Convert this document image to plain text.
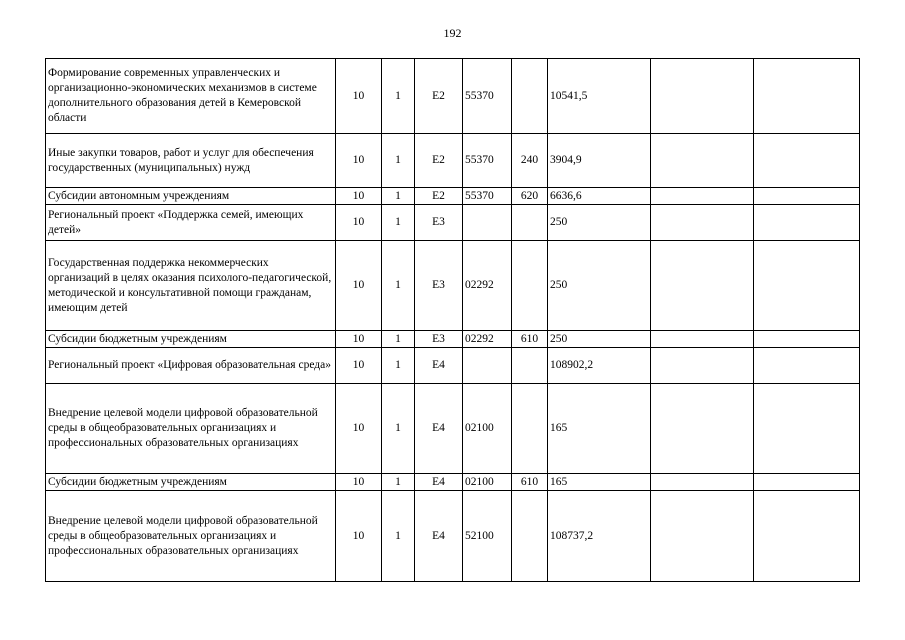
192
Формирование современных управленческих и организационно-экономических механизмов в системе дополнительного образования детей в Кемеровской области	10	1	E2	55370		10541,5		
Иные закупки товаров, работ и услуг для обеспечения государственных (муниципальных) нужд	10	1	E2	55370	240	3904,9		
Субсидии автономным учреждениям	10	1	E2	55370	620	6636,6		
Региональный проект «Поддержка семей, имеющих детей»	10	1	E3			250		
Государственная поддержка некоммерческих организаций в целях оказания психолого-педагогической, методической и консультативной помощи гражданам, имеющим детей	10	1	E3	02292		250		
Субсидии бюджетным учреждениям	10	1	E3	02292	610	250		
Региональный проект «Цифровая образовательная среда»	10	1	E4			108902,2		
Внедрение целевой модели цифровой образовательной среды в общеобразовательных организациях и профессиональных образовательных организациях	10	1	E4	02100		165		
Субсидии бюджетным учреждениям	10	1	E4	02100	610	165		
Внедрение целевой модели цифровой образовательной среды в общеобразовательных организациях и профессиональных образовательных организациях	10	1	E4	52100		108737,2		
